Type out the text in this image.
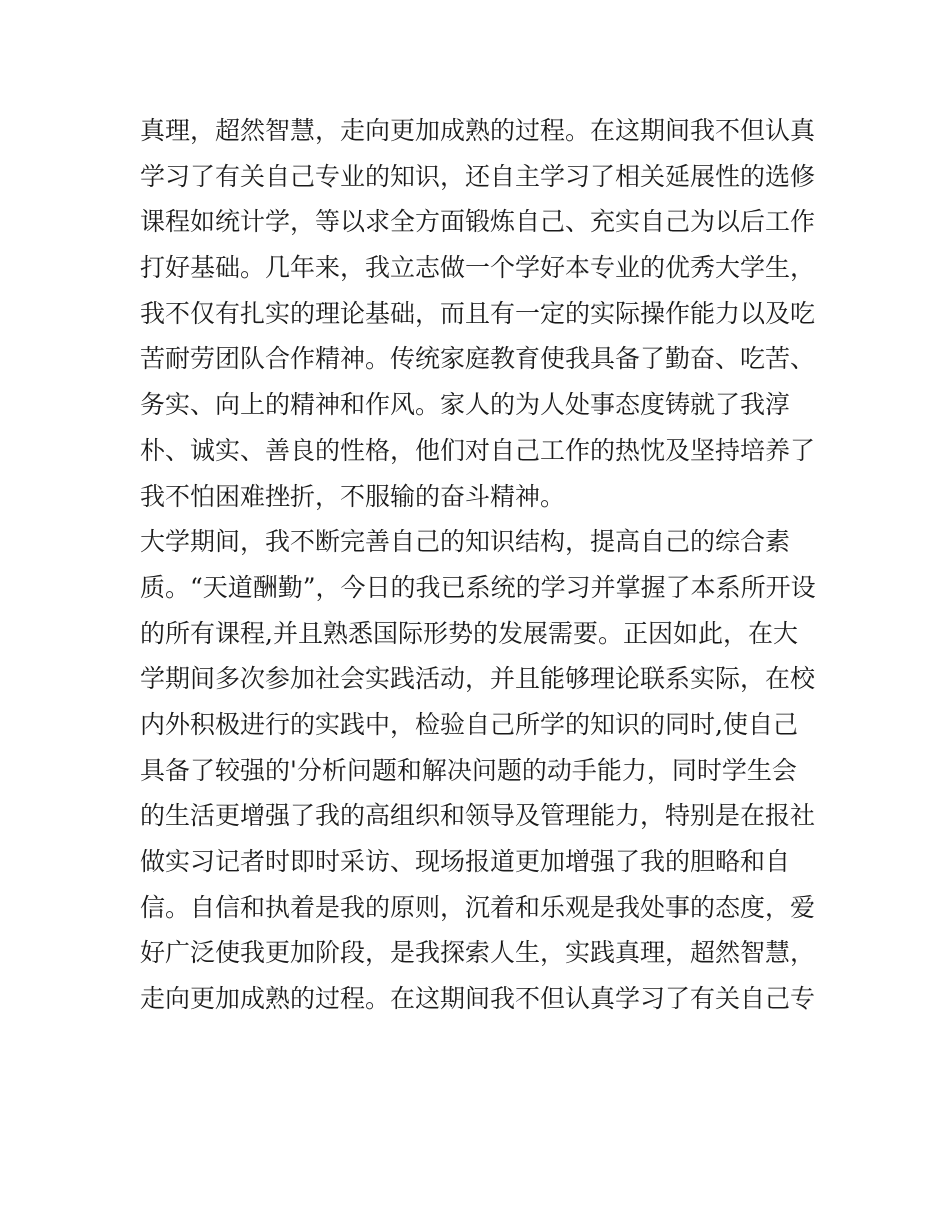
真理，超然智慧，走向更加成熟的过程。在这期间我不但认真
学习了有关自己专业的知识，还自主学习了相关延展性的选修
课程如统计学，等以求全方面锻炼自己、充实自己为以后工作
打好基础。几年来，我立志做一个学好本专业的优秀大学生，
我不仅有扎实的理论基础，而且有一定的实际操作能力以及吃
苦耐劳团队合作精神。传统家庭教育使我具备了勤奋、吃苦、
务实、向上的精神和作风。家人的为人处事态度铸就了我淳
朴、诚实、善良的性格，他们对自己工作的热忱及坚持培养了
我不怕困难挫折，不服输的奋斗精神。
大学期间，我不断完善自己的知识结构，提高自己的综合素
质。“天道酬勤”，今日的我已系统的学习并掌握了本系所开设
的所有课程,并且熟悉国际形势的发展需要。正因如此，在大
学期间多次参加社会实践活动，并且能够理论联系实际，在校
内外积极进行的实践中，检验自己所学的知识的同时,使自己
具备了较强的'分析问题和解决问题的动手能力，同时学生会
的生活更增强了我的高组织和领导及管理能力，特别是在报社
做实习记者时即时采访、现场报道更加增强了我的胆略和自
信。自信和执着是我的原则，沉着和乐观是我处事的态度，爱
好广泛使我更加阶段，是我探索人生，实践真理，超然智慧，
走向更加成熟的过程。在这期间我不但认真学习了有关自己专
